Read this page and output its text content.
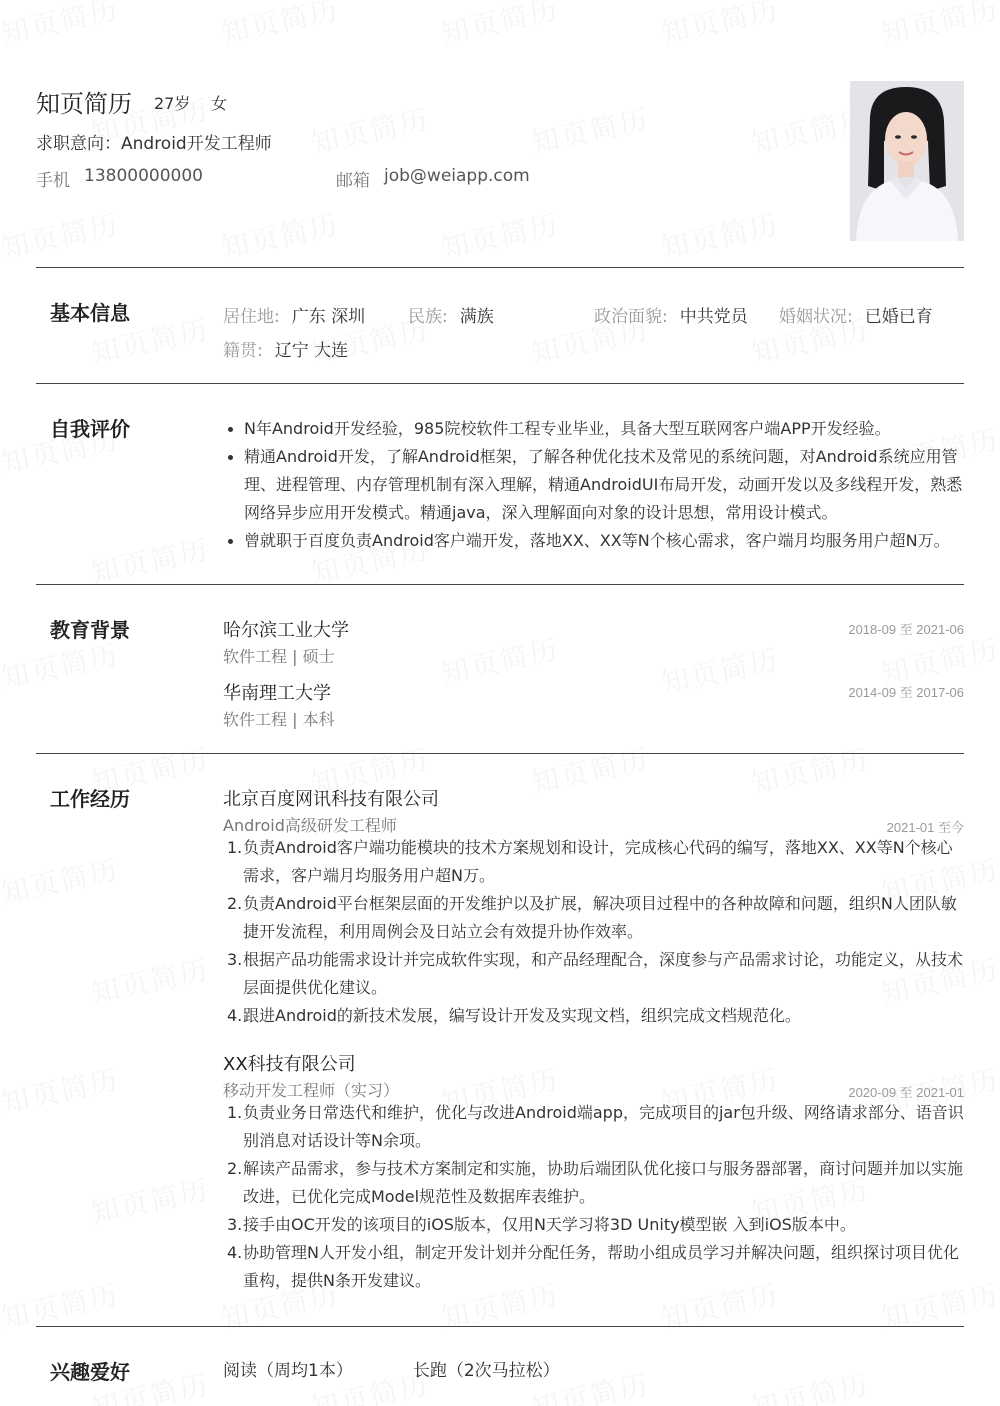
知页简历 27岁 女
求职意向：Android开发工程师
手机 13800000000	邮箱 job@weiapp.com
基本信息	居住地: 广东 深圳	民族: 满族	政治面貌: 中共党员 婚姻状况: 已婚已育
籍贯: 辽宁 大连
自我评价	N年Android开发经验，985院校软件工程专业毕业，具备大型互联网客户端APP开发经验。
精通Android开发，了解Android框架，了解各种优化技术及常见的系统问题，对Android系统应用管理、进程管理、内存管理机制有深入理解，精通AndroidUI布局开发，动画开发以及多线程开发，熟悉网络异步应用开发模式。精通java，深入理解面向对象的设计思想，常用设计模式。
曾就职于百度负责Android客户端开发，落地XX、XX等N个核心需求，客户端月均服务用户超N万。
教育背景	哈尔滨工业大学	2018-09 至 2021-06
软件工程 | 硕士
华南理工大学	2014-09 至 2017-06
软件工程 | 本科
工作经历	北京百度网讯科技有限公司
Android高级研发工程师	2021-01 至今
1. 负责Android客户端功能模块的技术方案规划和设计，完成核心代码的编写，落地XX、XX等N个核心需求，客户端月均服务用户超N万。
2. 负责Android平台框架层面的开发维护以及扩展，解决项目过程中的各种故障和问题，组织N人团队敏捷开发流程，利用周例会及日站立会有效提升协作效率。
3. 根据产品功能需求设计并完成软件实现，和产品经理配合，深度参与产品需求讨论，功能定义，从技术层面提供优化建议。
4. 跟进Android的新技术发展，编写设计开发及实现文档，组织完成文档规范化。
XX科技有限公司
移动开发工程师（实习）	2020-09 至 2021-01
1. 负责业务日常迭代和维护，优化与改进Android端app，完成项目的jar包升级、网络请求部分、语音识别消息对话设计等N余项。
2. 解读产品需求，参与技术方案制定和实施，协助后端团队优化接口与服务器部署，商讨问题并加以实施改进，已优化完成Model规范性及数据库表维护。
3. 接手由OC开发的该项目的iOS版本，仅用N天学习将3D Unity模型嵌 入到iOS版本中。
4. 协助管理N人开发小组，制定开发计划并分配任务，帮助小组成员学习并解决问题，组织探讨项目优化重构，提供N条开发建议。
兴趣爱好	阅读（周均1本）	长跑（2次马拉松）
